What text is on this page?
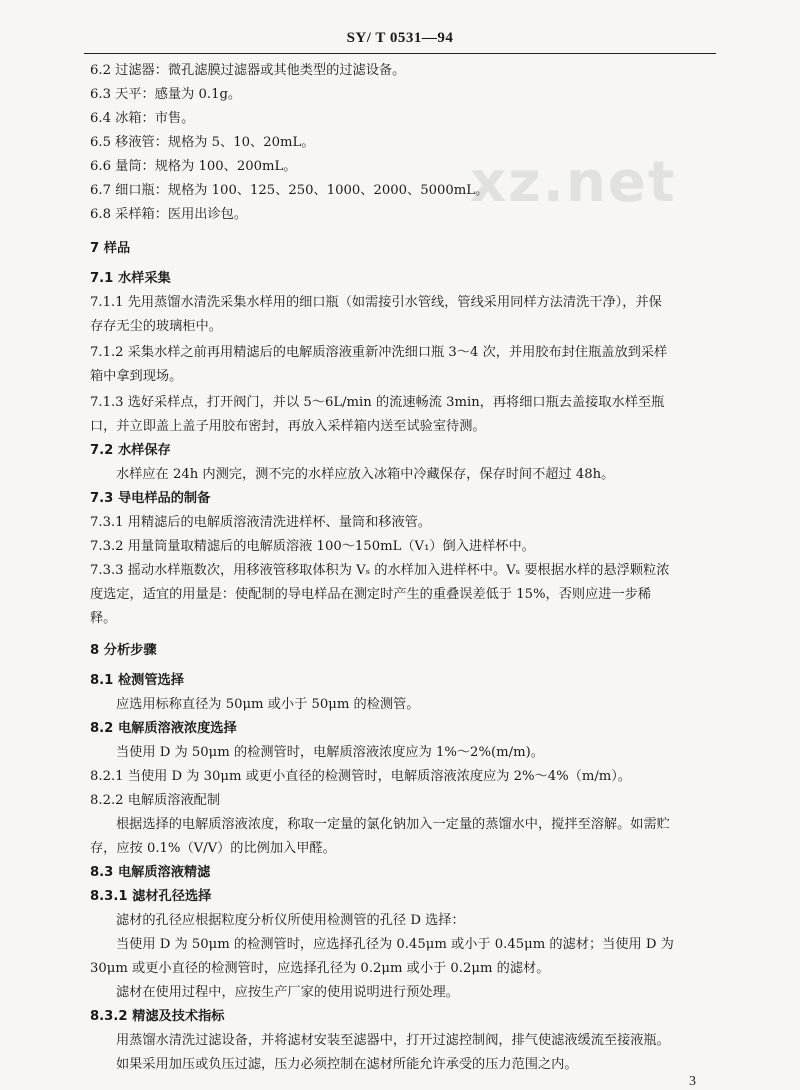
SY/ T 0531—94
xz.net
6.2 过滤器：微孔滤膜过滤器或其他类型的过滤设备。
6.3 天平：感量为 0.1g。
6.4 冰箱：市售。
6.5 移液管：规格为 5、10、20mL。
6.6 量筒：规格为 100、200mL。
6.7 细口瓶：规格为 100、125、250、1000、2000、5000mL。
6.8 采样箱：医用出诊包。
7 样品
7.1 水样采集
7.1.1 先用蒸馏水清洗采集水样用的细口瓶（如需接引水管线，管线采用同样方法清洗干净），并保
存存无尘的玻璃柜中。
7.1.2 采集水样之前再用精滤后的电解质溶液重新冲洗细口瓶 3～4 次，并用胶布封住瓶盖放到采样
箱中拿到现场。
7.1.3 选好采样点，打开阀门，并以 5～6L/min 的流速畅流 3min，再将细口瓶去盖接取水样至瓶
口，并立即盖上盖子用胶布密封，再放入采样箱内送至试验室待测。
7.2 水样保存
水样应在 24h 内测完，测不完的水样应放入冰箱中冷藏保存，保存时间不超过 48h。
7.3 导电样品的制备
7.3.1 用精滤后的电解质溶液清洗进样杯、量筒和移液管。
7.3.2 用量筒量取精滤后的电解质溶液 100～150mL（V₁）倒入进样杯中。
7.3.3 摇动水样瓶数次，用移液管移取体积为 Vₛ 的水样加入进样杯中。Vₛ 要根据水样的悬浮颗粒浓
度选定，适宜的用量是：使配制的导电样品在测定时产生的重叠误差低于 15%，否则应进一步稀
释。
8 分析步骤
8.1 检测管选择
应选用标称直径为 50μm 或小于 50μm 的检测管。
8.2 电解质溶液浓度选择
当使用 D 为 50μm 的检测管时，电解质溶液浓度应为 1%～2%(m/m)。
8.2.1 当使用 D 为 30μm 或更小直径的检测管时，电解质溶液浓度应为 2%～4%（m/m）。
8.2.2 电解质溶液配制
根据选择的电解质溶液浓度，称取一定量的氯化钠加入一定量的蒸馏水中，搅拌至溶解。如需贮
存，应按 0.1%（V/V）的比例加入甲醛。
8.3 电解质溶液精滤
8.3.1 滤材孔径选择
滤材的孔径应根据粒度分析仪所使用检测管的孔径 D 选择：
当使用 D 为 50μm 的检测管时，应选择孔径为 0.45μm 或小于 0.45μm 的滤材；当使用 D 为
30μm 或更小直径的检测管时，应选择孔径为 0.2μm 或小于 0.2μm 的滤材。
滤材在使用过程中，应按生产厂家的使用说明进行预处理。
8.3.2 精滤及技术指标
用蒸馏水清洗过滤设备，并将滤材安装至滤器中，打开过滤控制阀，排气使滤液缓流至接液瓶。
如果采用加压或负压过滤，压力必须控制在滤材所能允许承受的压力范围之内。
3
